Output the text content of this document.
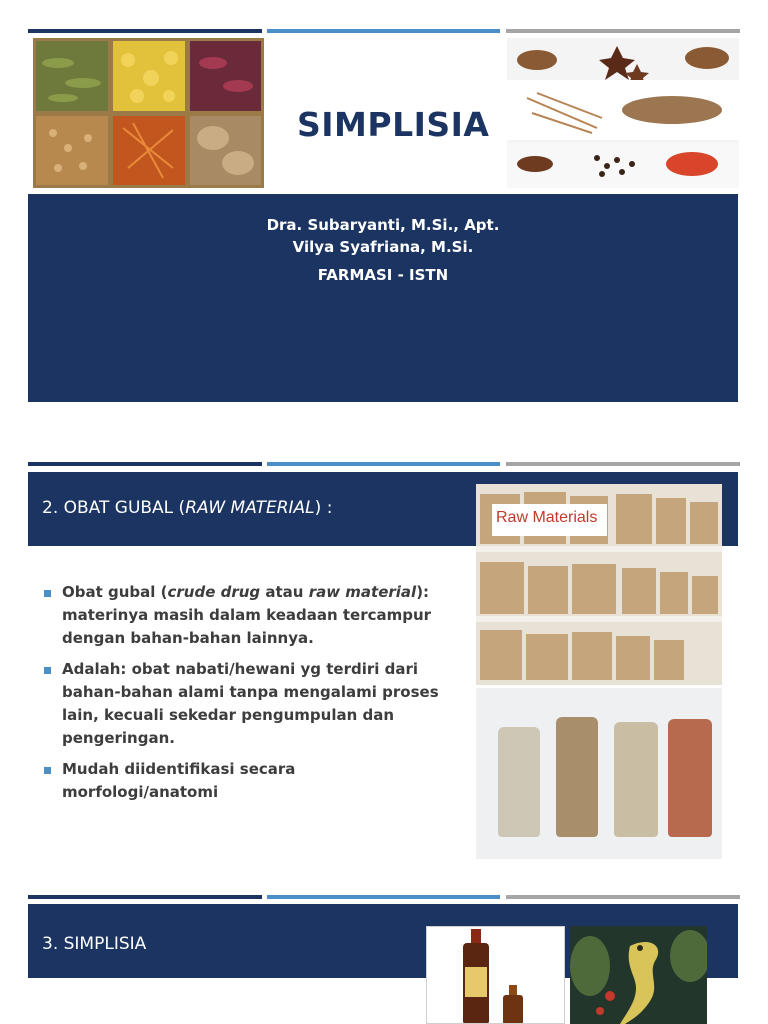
SIMPLISIA
Dra. Subaryanti, M.Si., Apt.
Vilya Syafriana, M.Si.
FARMASI - ISTN
2. OBAT GUBAL (RAW MATERIAL) :	Raw Materials
Obat gubal (crude drug atau raw material): materinya masih dalam keadaan tercampur dengan bahan-bahan lainnya.
Adalah: obat nabati/hewani yg terdiri dari bahan-bahan alami tanpa mengalami proses lain, kecuali sekedar pengumpulan dan pengeringan.
Mudah diidentifikasi secara morfologi/anatomi
3. SIMPLISIA
